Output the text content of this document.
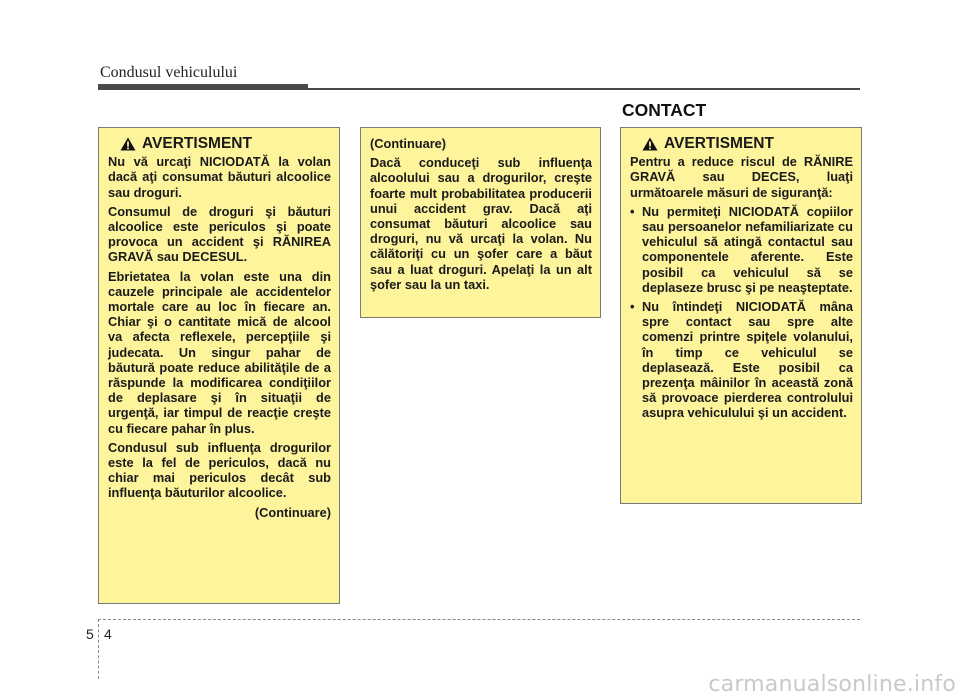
Condusul vehiculului
CONTACT
AVERTISMENT

Nu vă urcaţi NICIODATĂ la volan dacă aţi consumat băuturi alcoolice sau droguri.

Consumul de droguri şi băuturi alcoolice este periculos şi poate provoca un accident şi RĂNIREA GRAVĂ sau DECESUL.

Ebrietatea la volan este una din cauzele principale ale accidentelor mortale care au loc în fiecare an. Chiar şi o cantitate mică de alcool va afecta reflexele, percepţiile şi judecata. Un singur pahar de băutură poate reduce abilităţile de a răspunde la modificarea condiţiilor de deplasare şi în situaţii de urgenţă, iar timpul de reacţie creşte cu fiecare pahar în plus.

Condusul sub influenţa drogurilor este la fel de periculos, dacă nu chiar mai periculos decât sub influenţa băuturilor alcoolice.

(Continuare)

(Continuare)

Dacă conduceţi sub influenţa alcoolului sau a drogurilor, creşte foarte mult probabilitatea producerii unui accident grav. Dacă aţi consumat băuturi alcoolice sau droguri, nu vă urcaţi la volan. Nu călătoriţi cu un şofer care a băut sau a luat droguri. Apelaţi la un alt şofer sau la un taxi.

AVERTISMENT

Pentru a reduce riscul de RĂNIRE GRAVĂ sau DECES, luaţi următoarele măsuri de siguranţă:

• Nu permiteţi NICIODATĂ copiilor sau persoanelor nefamiliarizate cu vehiculul să atingă contactul sau componentele aferente. Este posibil ca vehiculul să se deplaseze brusc şi pe neaşteptate.
• Nu întindeţi NICIODATĂ mâna spre contact sau spre alte comenzi printre spiţele volanului, în timp ce vehiculul se deplasează. Este posibil ca prezenţa mâinilor în această zonă să provoace pierderea controlului asupra vehiculului şi un accident.
5 4
carmanualsonline.info
